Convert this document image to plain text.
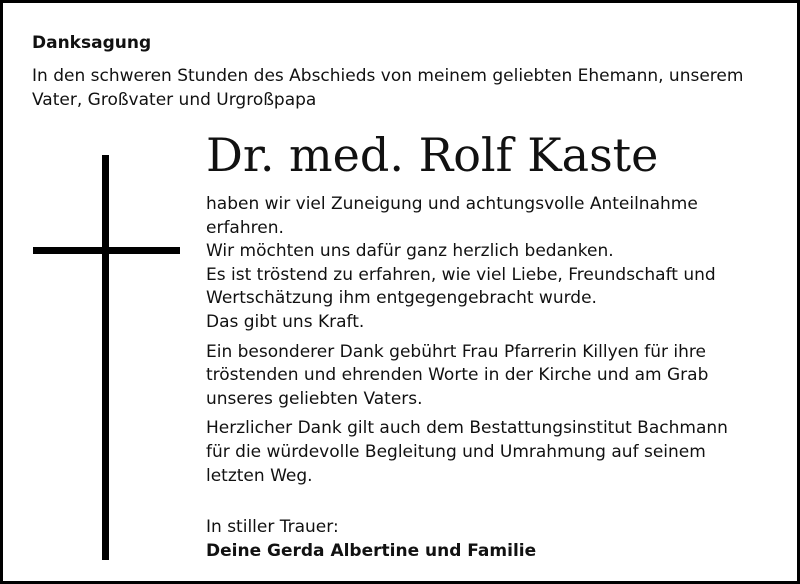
Danksagung
In den schweren Stunden des Abschieds von meinem geliebten Ehemann, unserem
Vater, Großvater und Urgroßpapa
Dr. med. Rolf Kaste
haben wir viel Zuneigung und achtungsvolle Anteilnahme
erfahren.
Wir möchten uns dafür ganz herzlich bedanken.
Es ist tröstend zu erfahren, wie viel Liebe, Freundschaft und
Wertschätzung ihm entgegengebracht wurde.
Das gibt uns Kraft.
Ein besonderer Dank gebührt Frau Pfarrerin Killyen für ihre
tröstenden und ehrenden Worte in der Kirche und am Grab
unseres geliebten Vaters.
Herzlicher Dank gilt auch dem Bestattungsinstitut Bachmann
für die würdevolle Begleitung und Umrahmung auf seinem
letzten Weg.
In stiller Trauer:
Deine Gerda Albertine und Familie
